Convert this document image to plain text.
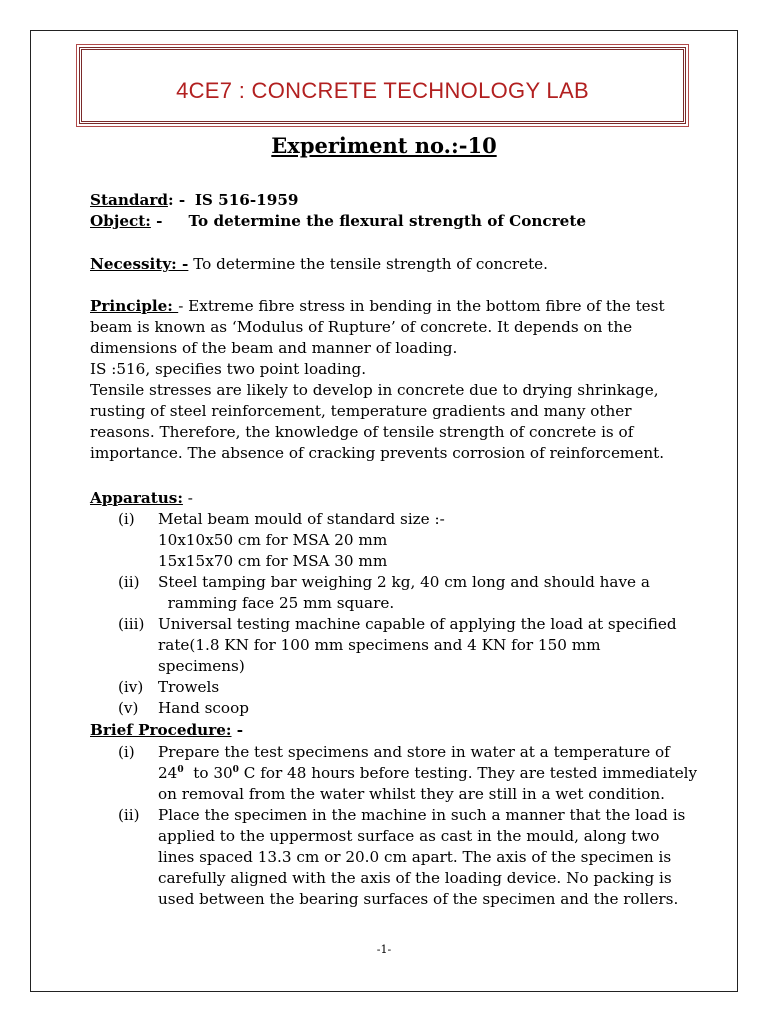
4CE7 : CONCRETE TECHNOLOGY LAB
Experiment no.:-10
Standard: - IS 516-1959
Object: - To determine the flexural strength of Concrete
Necessity: - To determine the tensile strength of concrete.
Principle: - Extreme fibre stress in bending in the bottom fibre of the test
beam is known as ‘Modulus of Rupture’ of concrete. It depends on the
dimensions of the beam and manner of loading.
IS :516, specifies two point loading.
Tensile stresses are likely to develop in concrete due to drying shrinkage,
rusting of steel reinforcement, temperature gradients and many other
reasons. Therefore, the knowledge of tensile strength of concrete is of
importance. The absence of cracking prevents corrosion of reinforcement.
Apparatus: -
(i) Metal beam mould of standard size :-
10x10x50 cm for MSA 20 mm
15x15x70 cm for MSA 30 mm
(ii) Steel tamping bar weighing 2 kg, 40 cm long and should have a
ramming face 25 mm square.
(iii) Universal testing machine capable of applying the load at specified
rate(1.8 KN for 100 mm specimens and 4 KN for 150 mm specimens)
(iv) Trowels
(v) Hand scoop
Brief Procedure: -
(i) Prepare the test specimens and store in water at a temperature of
$24^0$  to $30^0$ C for 48 hours before testing. They are tested immediately
on removal from the water whilst they are still in a wet condition.
(ii) Place the specimen in the machine in such a manner that the load is
applied to the uppermost surface as cast in the mould, along two
lines spaced 13.3 cm or 20.0 cm apart. The axis of the specimen is
carefully aligned with the axis of the loading device. No packing is
used between the bearing surfaces of the specimen and the rollers.
-1-
